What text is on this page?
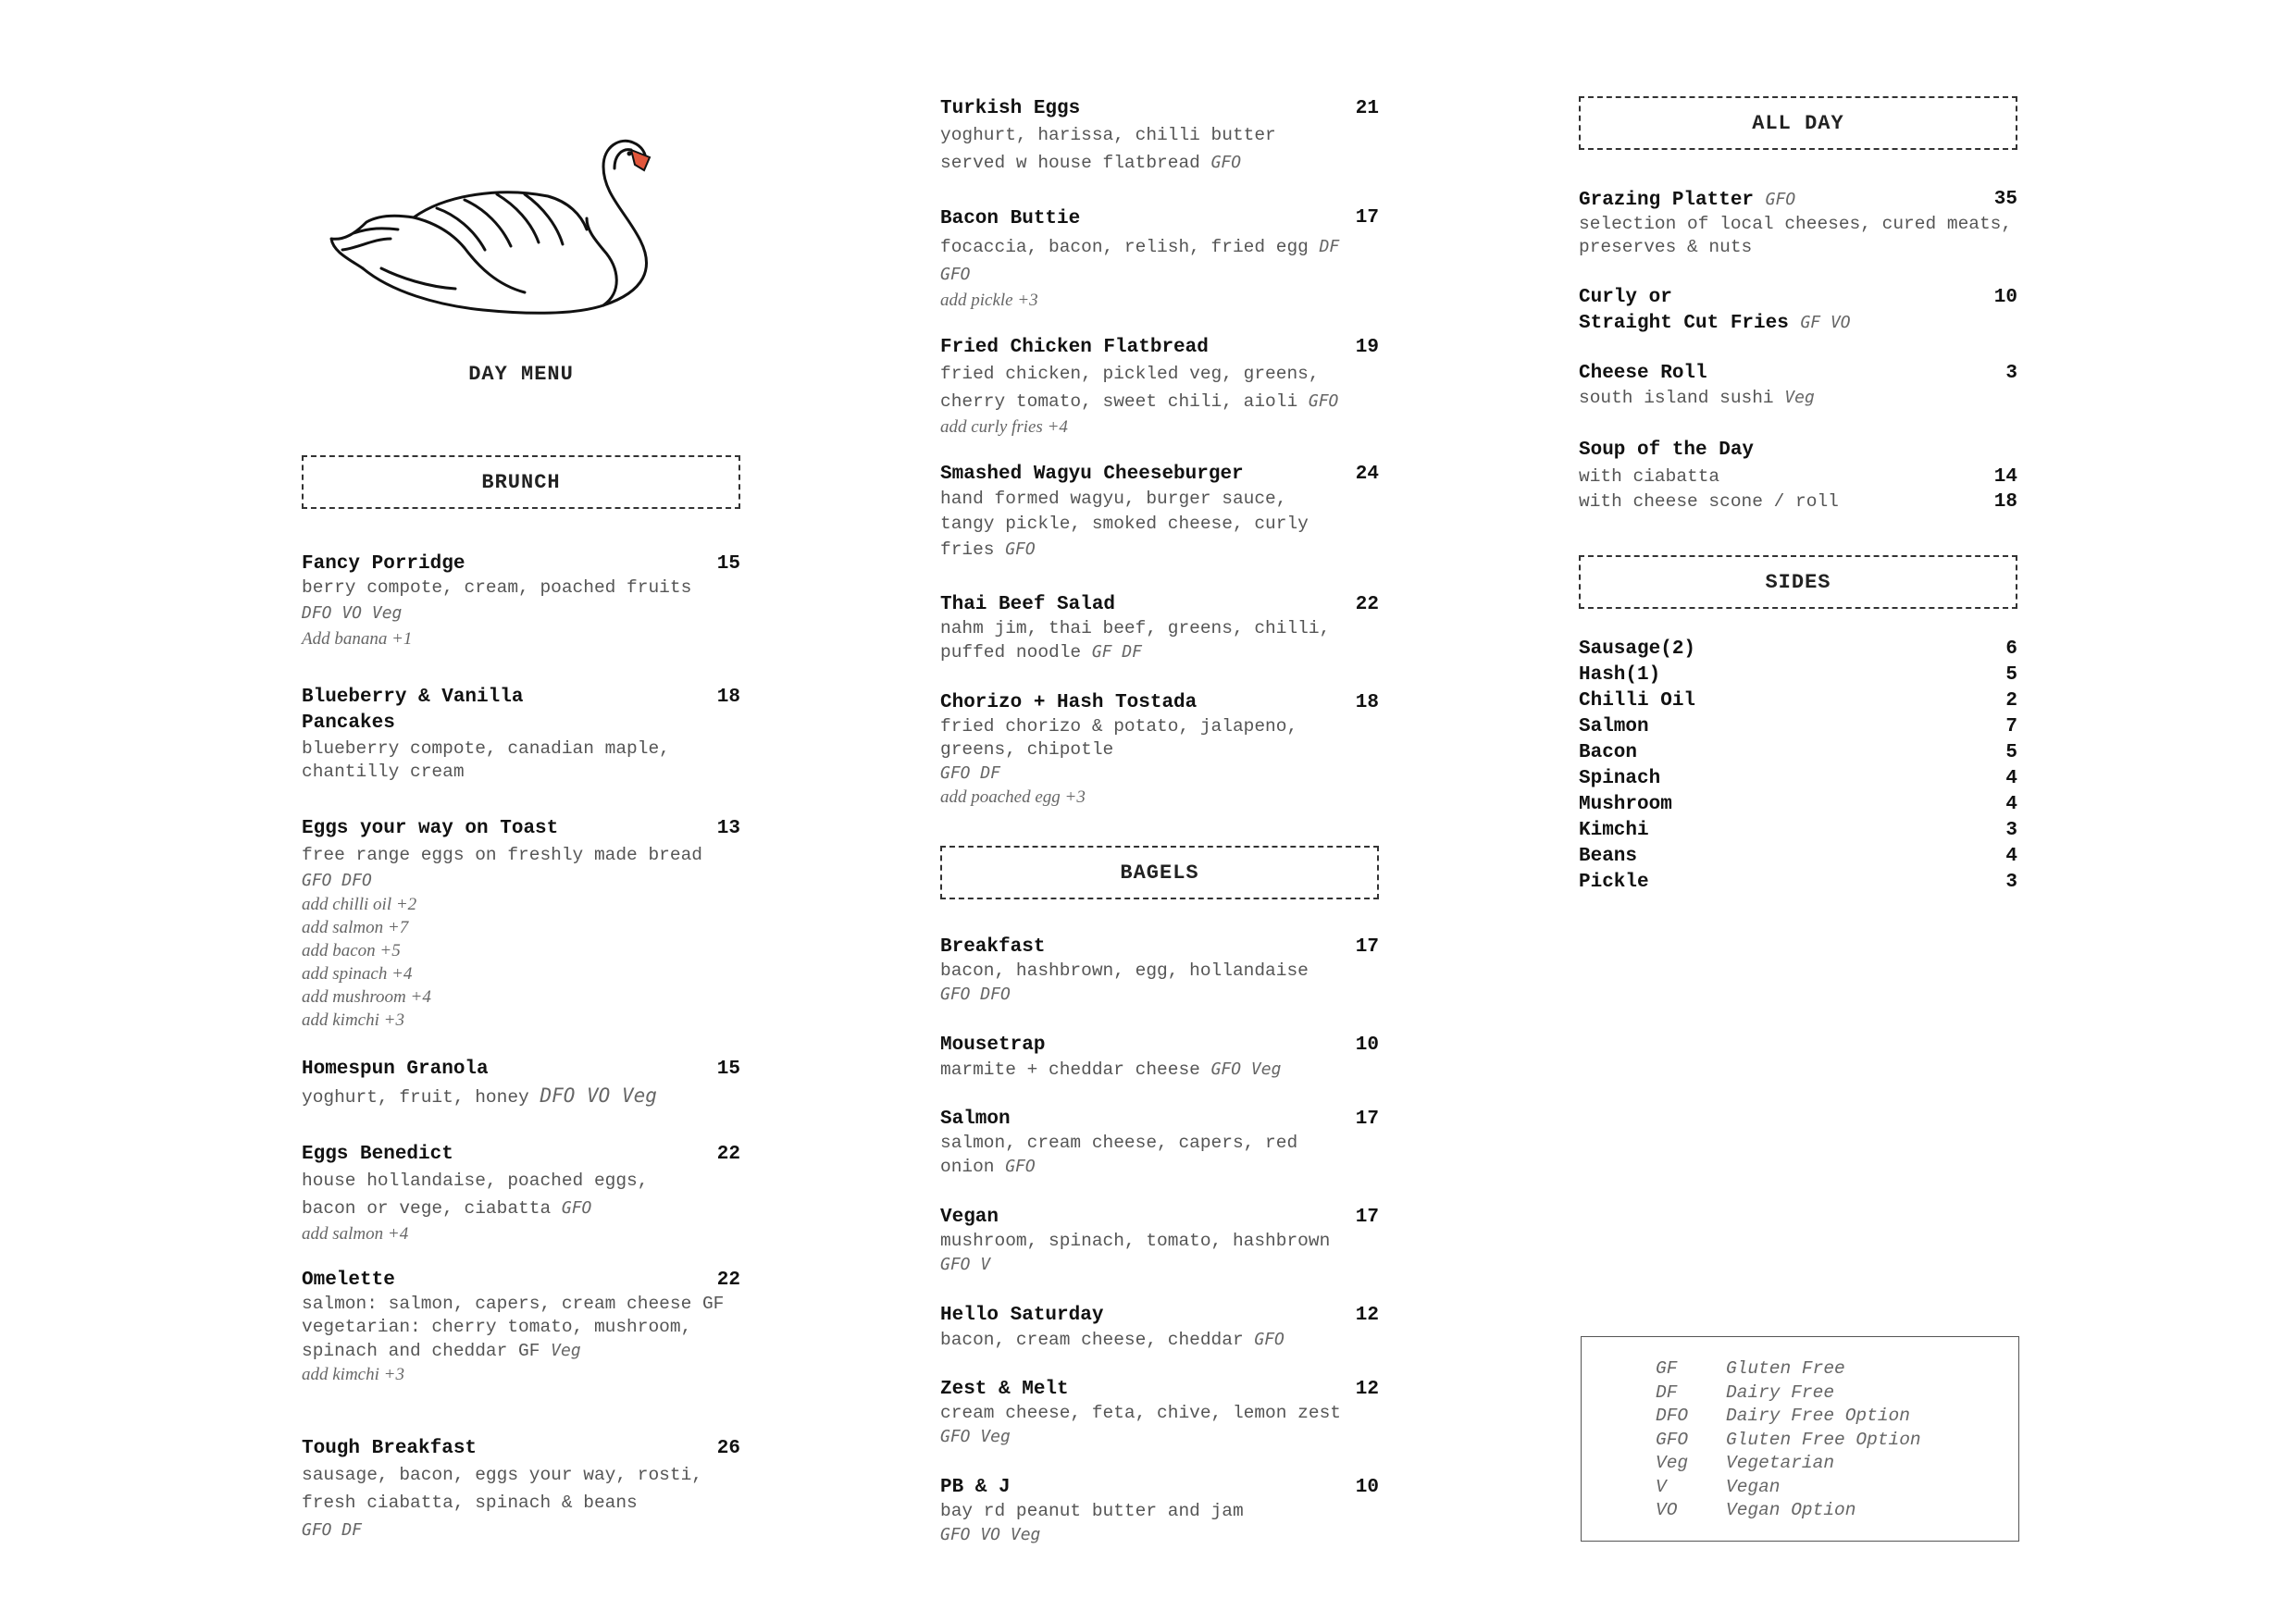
DAY MENU
BRUNCH
Fancy Porridge	15
berry compote, cream, poached fruits
DFO VO Veg
Add banana +1
Blueberry & Vanilla	18
Pancakes
blueberry compote, canadian maple, chantilly cream
Eggs your way on Toast	13
free range eggs on freshly made bread
GFO DFO
add chilli oil +2
add salmon +7
add bacon +5
add spinach +4
add mushroom +4
add kimchi +3
Homespun Granola	15
yoghurt, fruit, honey DFO VO Veg
Eggs Benedict	22
house hollandaise, poached eggs, bacon or vege, ciabatta GFO
add salmon +4
Omelette	22
salmon: salmon, capers, cream cheese GF
vegetarian: cherry tomato, mushroom, spinach and cheddar GF Veg
add kimchi +3
Tough Breakfast	26
sausage, bacon, eggs your way, rosti, fresh ciabatta, spinach & beans
GFO DF
Turkish Eggs	21
yoghurt, harissa, chilli butter served w house flatbread GFO
Bacon Buttie	17
focaccia, bacon, relish, fried egg DF GFO
add pickle +3
Fried Chicken Flatbread	19
fried chicken, pickled veg, greens, cherry tomato, sweet chili, aioli GFO
add curly fries +4
Smashed Wagyu Cheeseburger	24
hand formed wagyu, burger sauce, tangy pickle, smoked cheese, curly fries GFO
Thai Beef Salad	22
nahm jim, thai beef, greens, chilli, puffed noodle GF DF
Chorizo + Hash Tostada	18
fried chorizo & potato, jalapeno, greens, chipotle
GFO DF
add poached egg +3
BAGELS
Breakfast	17
bacon, hashbrown, egg, hollandaise
GFO DFO
Mousetrap	10
marmite + cheddar cheese GFO Veg
Salmon	17
salmon, cream cheese, capers, red onion GFO
Vegan	17
mushroom, spinach, tomato, hashbrown
GFO V
Hello Saturday	12
bacon, cream cheese, cheddar GFO
Zest & Melt	12
cream cheese, feta, chive, lemon zest
GFO Veg
PB & J	10
bay rd peanut butter and jam
GFO VO Veg
ALL DAY
Grazing Platter GFO	35
selection of local cheeses, cured meats, preserves & nuts
Curly or	10
Straight Cut Fries GF VO
Cheese Roll	3
south island sushi Veg
Soup of the Day
with ciabatta	14
with cheese scone / roll	18
SIDES
Sausage(2)	6
Hash(1)	5
Chilli Oil	2
Salmon	7
Bacon	5
Spinach	4
Mushroom	4
Kimchi	3
Beans	4
Pickle	3
GF	Gluten Free
DF	Dairy Free
DFO Dairy Free Option
GFO Gluten Free Option
Veg Vegetarian
V	Vegan
VO	Vegan Option
